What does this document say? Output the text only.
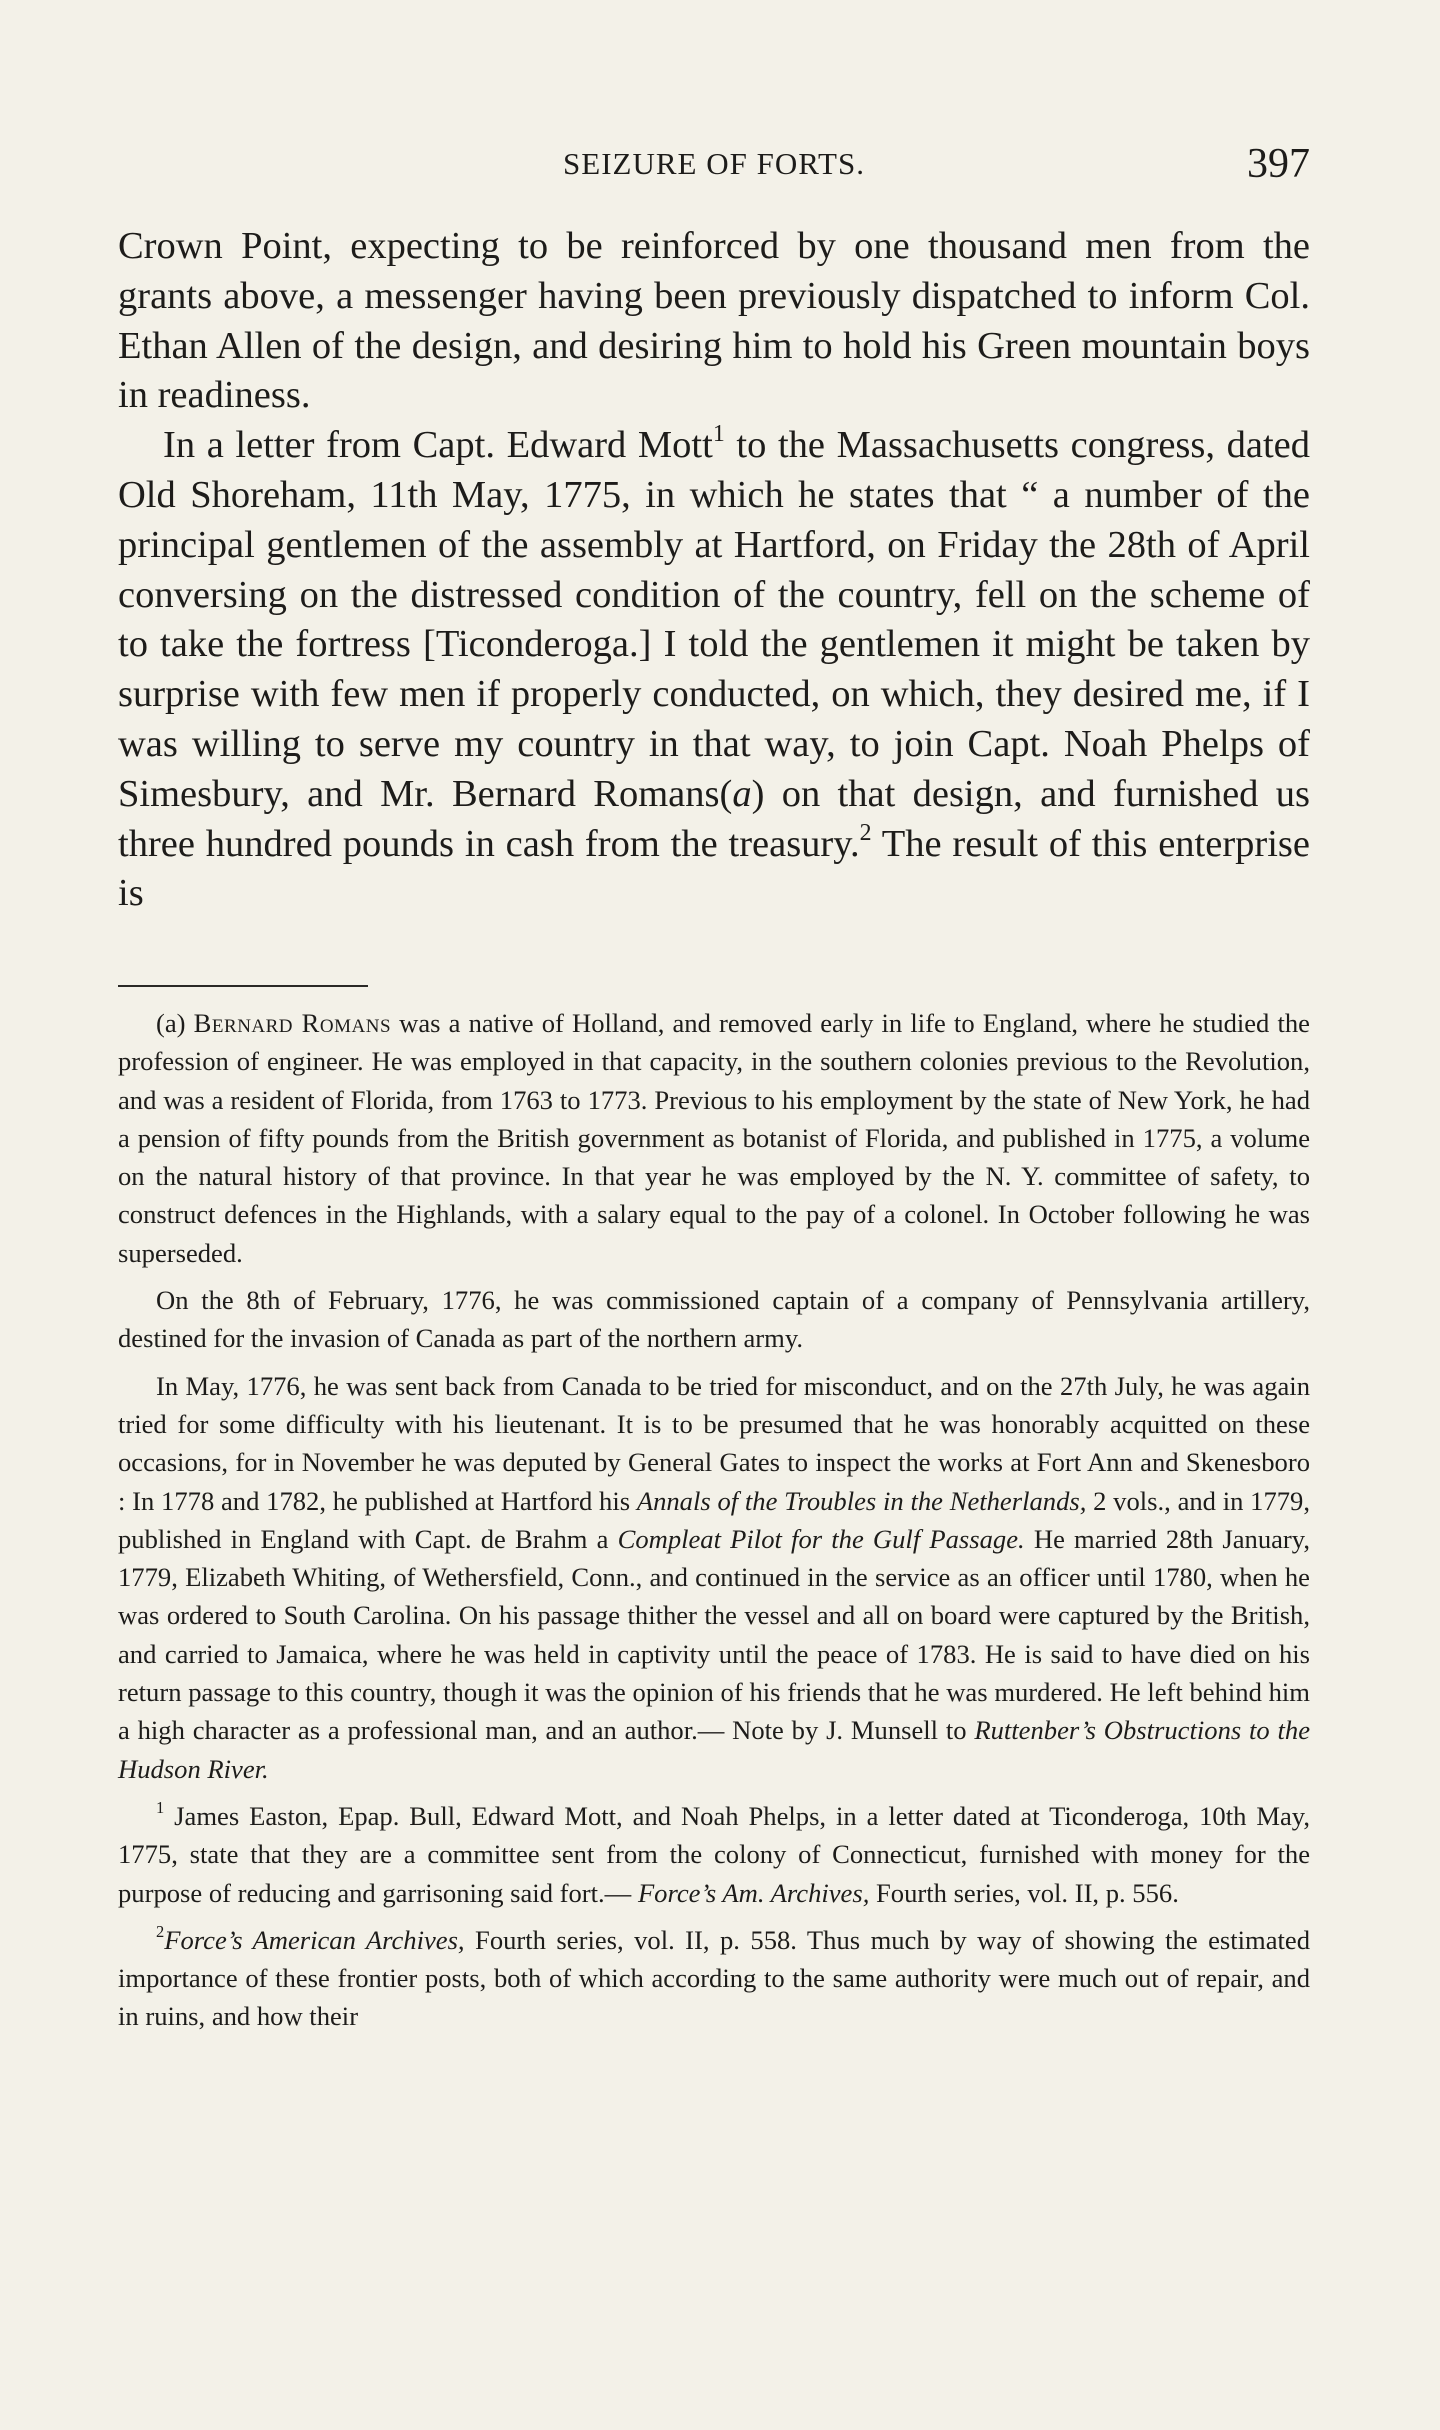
SEIZURE OF FORTS.	397

Crown Point, expecting to be reinforced by one thousand men from the grants above, a messenger having been previously dispatched to inform Col. Ethan Allen of the design, and desiring him to hold his Green mountain boys in readiness.

In a letter from Capt. Edward Mott$^1$ to the Massachusetts congress, dated Old Shoreham, 11th May, 1775, in which he states that “ a number of the principal gentlemen of the assembly at Hartford, on Friday the 28th of April conversing on the distressed condition of the country, fell on the scheme of to take the fortress [Ticonderoga.] I told the gentlemen it might be taken by surprise with few men if properly conducted, on which, they desired me, if I was willing to serve my country in that way, to join Capt. Noah Phelps of Simesbury, and Mr. Bernard Romans(a) on that design, and furnished us three hundred pounds in cash from the treasury.$^2$ The result of this enterprise is

(a) Bernard Romans was a native of Holland, and removed early in life to England, where he studied the profession of engineer. He was employed in that capacity, in the southern colonies previous to the Revolution, and was a resident of Florida, from 1763 to 1773. Previous to his employment by the state of New York, he had a pension of fifty pounds from the British government as botanist of Florida, and published in 1775, a volume on the natural history of that province. In that year he was employed by the N. Y. committee of safety, to construct defences in the Highlands, with a salary equal to the pay of a colonel. In October following he was superseded.

On the 8th of February, 1776, he was commissioned captain of a company of Pennsylvania artillery, destined for the invasion of Canada as part of the northern army.

In May, 1776, he was sent back from Canada to be tried for misconduct, and on the 27th July, he was again tried for some difficulty with his lieutenant. It is to be presumed that he was honorably acquitted on these occasions, for in November he was deputed by General Gates to inspect the works at Fort Ann and Skenesboro : In 1778 and 1782, he published at Hartford his Annals of the Troubles in the Netherlands, 2 vols., and in 1779, published in England with Capt. de Brahm a Compleat Pilot for the Gulf Passage. He married 28th January, 1779, Elizabeth Whiting, of Wethersfield, Conn., and continued in the service as an officer until 1780, when he was ordered to South Carolina. On his passage thither the vessel and all on board were captured by the British, and carried to Jamaica, where he was held in captivity until the peace of 1783. He is said to have died on his return passage to this country, though it was the opinion of his friends that he was murdered. He left behind him a high character as a professional man, and an author.— Note by J. Munsell to Ruttenber’s Obstructions to the Hudson River.

$^1$ James Easton, Epap. Bull, Edward Mott, and Noah Phelps, in a letter dated at Ticonderoga, 10th May, 1775, state that they are a committee sent from the colony of Connecticut, furnished with money for the purpose of reducing and garrisoning said fort.— Force’s Am. Archives, Fourth series, vol. II, p. 556.

$^2$Force’s American Archives, Fourth series, vol. II, p. 558. Thus much by way of showing the estimated importance of these frontier posts, both of which according to the same authority were much out of repair, and in ruins, and how their
